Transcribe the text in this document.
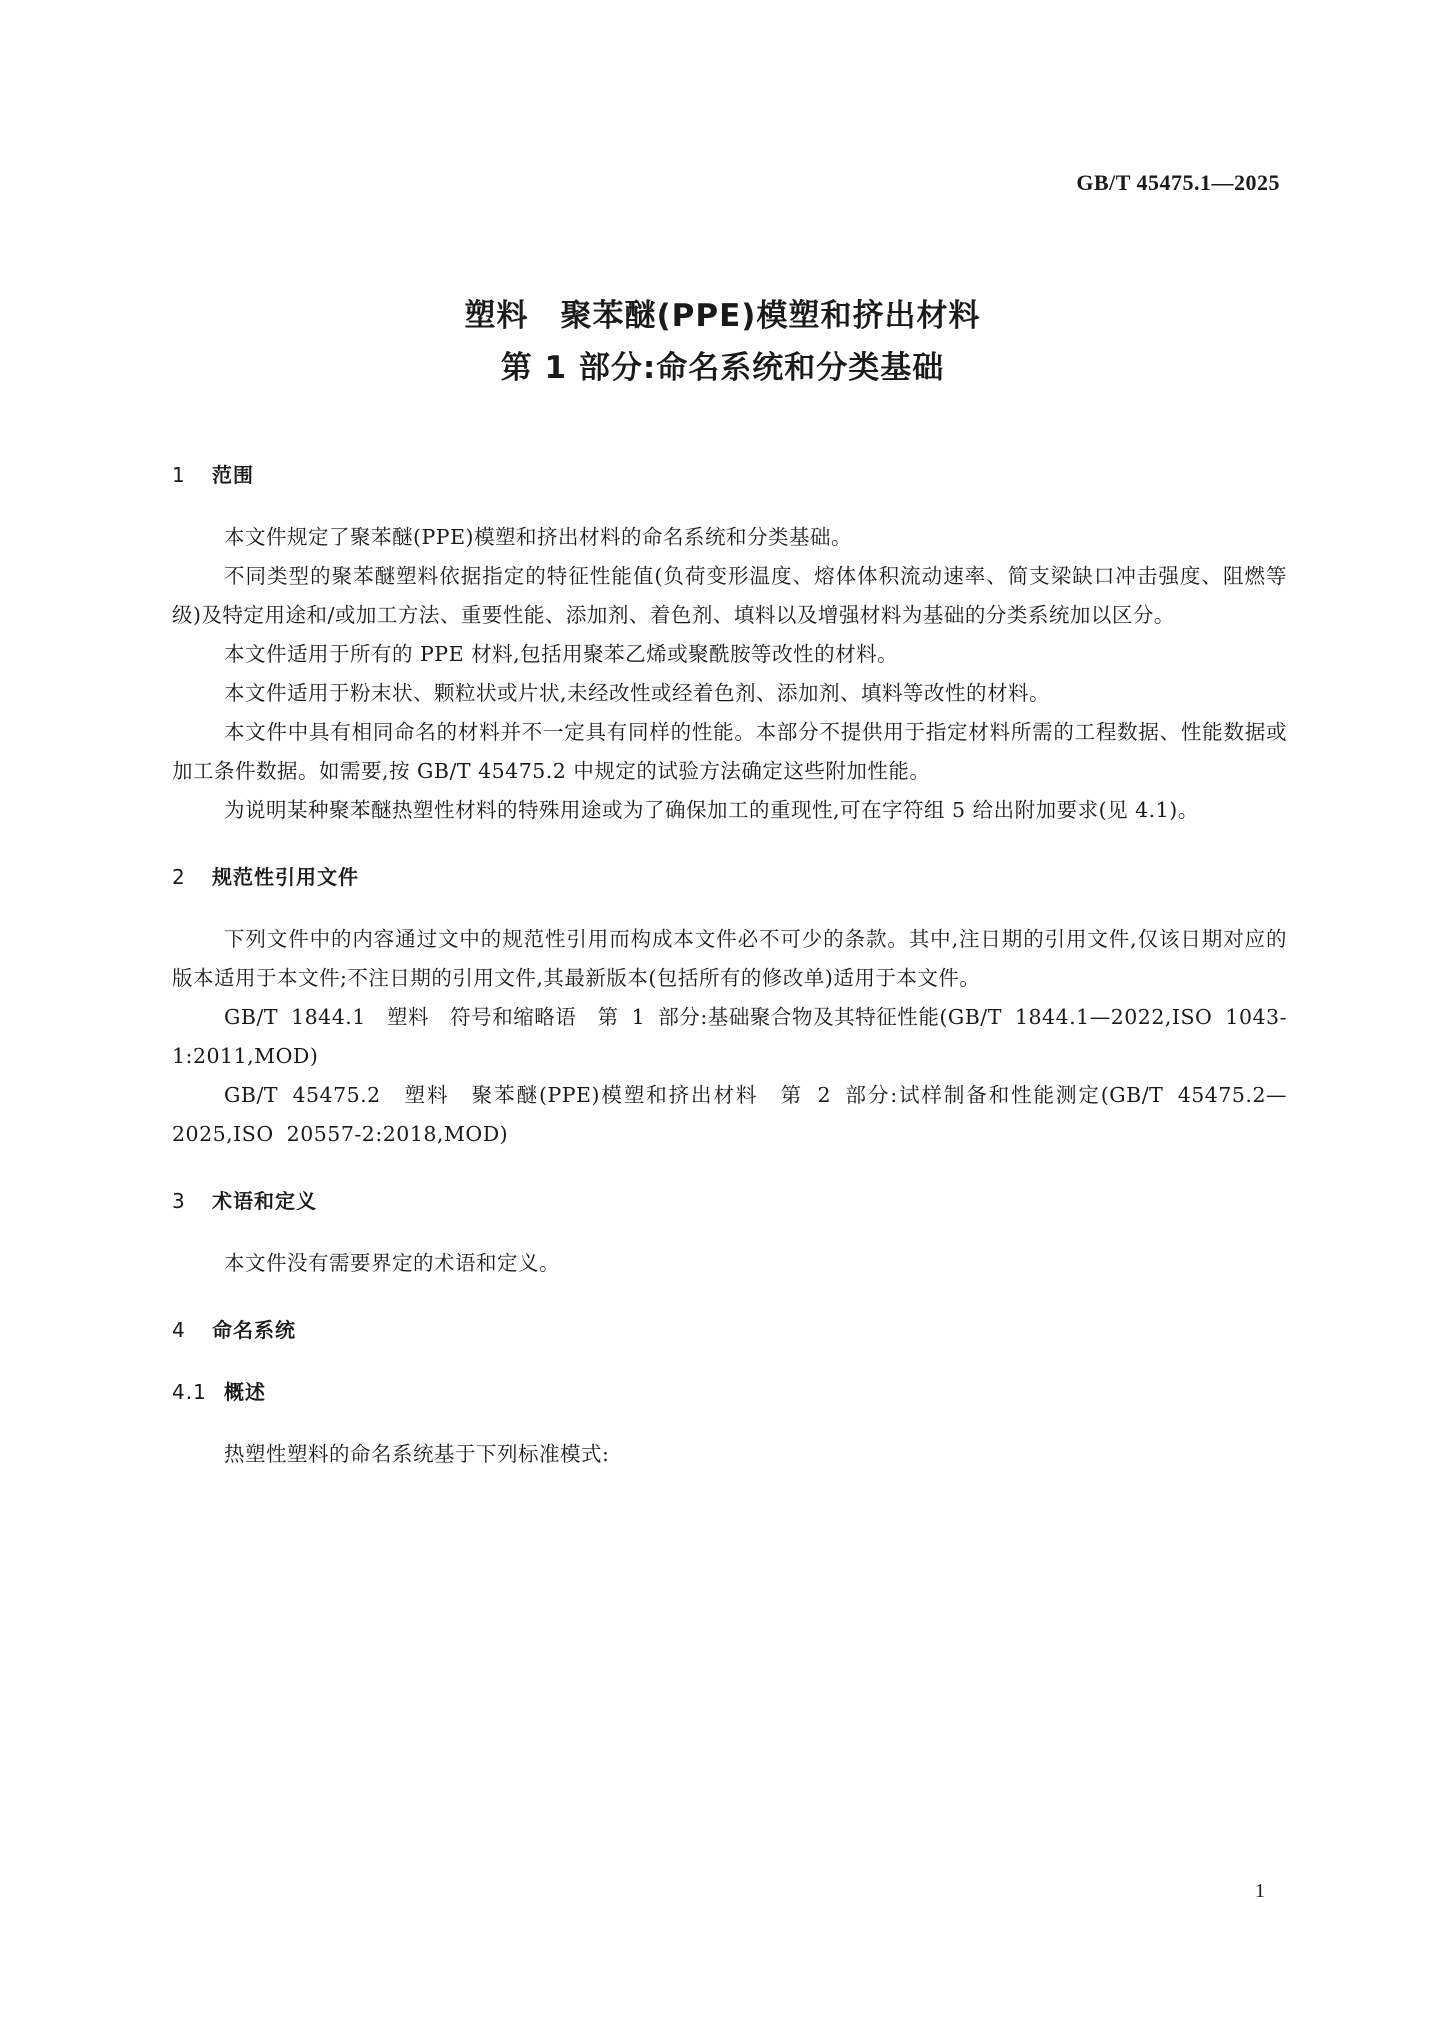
GB/T 45475.1—2025
塑料　聚苯醚(PPE)模塑和挤出材料
第 1 部分:命名系统和分类基础
1 范围

本文件规定了聚苯醚(PPE)模塑和挤出材料的命名系统和分类基础。

不同类型的聚苯醚塑料依据指定的特征性能值(负荷变形温度、熔体体积流动速率、简支梁缺口冲击强度、阻燃等级)及特定用途和/或加工方法、重要性能、添加剂、着色剂、填料以及增强材料为基础的分类系统加以区分。

本文件适用于所有的 PPE 材料,包括用聚苯乙烯或聚酰胺等改性的材料。

本文件适用于粉末状、颗粒状或片状,未经改性或经着色剂、添加剂、填料等改性的材料。

本文件中具有相同命名的材料并不一定具有同样的性能。本部分不提供用于指定材料所需的工程数据、性能数据或加工条件数据。如需要,按 GB/T 45475.2 中规定的试验方法确定这些附加性能。

为说明某种聚苯醚热塑性材料的特殊用途或为了确保加工的重现性,可在字符组 5 给出附加要求(见 4.1)。

2 规范性引用文件

下列文件中的内容通过文中的规范性引用而构成本文件必不可少的条款。其中,注日期的引用文件,仅该日期对应的版本适用于本文件;不注日期的引用文件,其最新版本(包括所有的修改单)适用于本文件。

GB/T 1844.1　塑料　符号和缩略语　第 1 部分:基础聚合物及其特征性能(GB/T 1844.1—2022,ISO 1043-1:2011,MOD)

GB/T 45475.2　塑料　聚苯醚(PPE)模塑和挤出材料　第 2 部分:试样制备和性能测定(GB/T 45475.2—2025,ISO 20557-2:2018,MOD)

3 术语和定义

本文件没有需要界定的术语和定义。

4 命名系统
4.1 概述

热塑性塑料的命名系统基于下列标准模式:

1
